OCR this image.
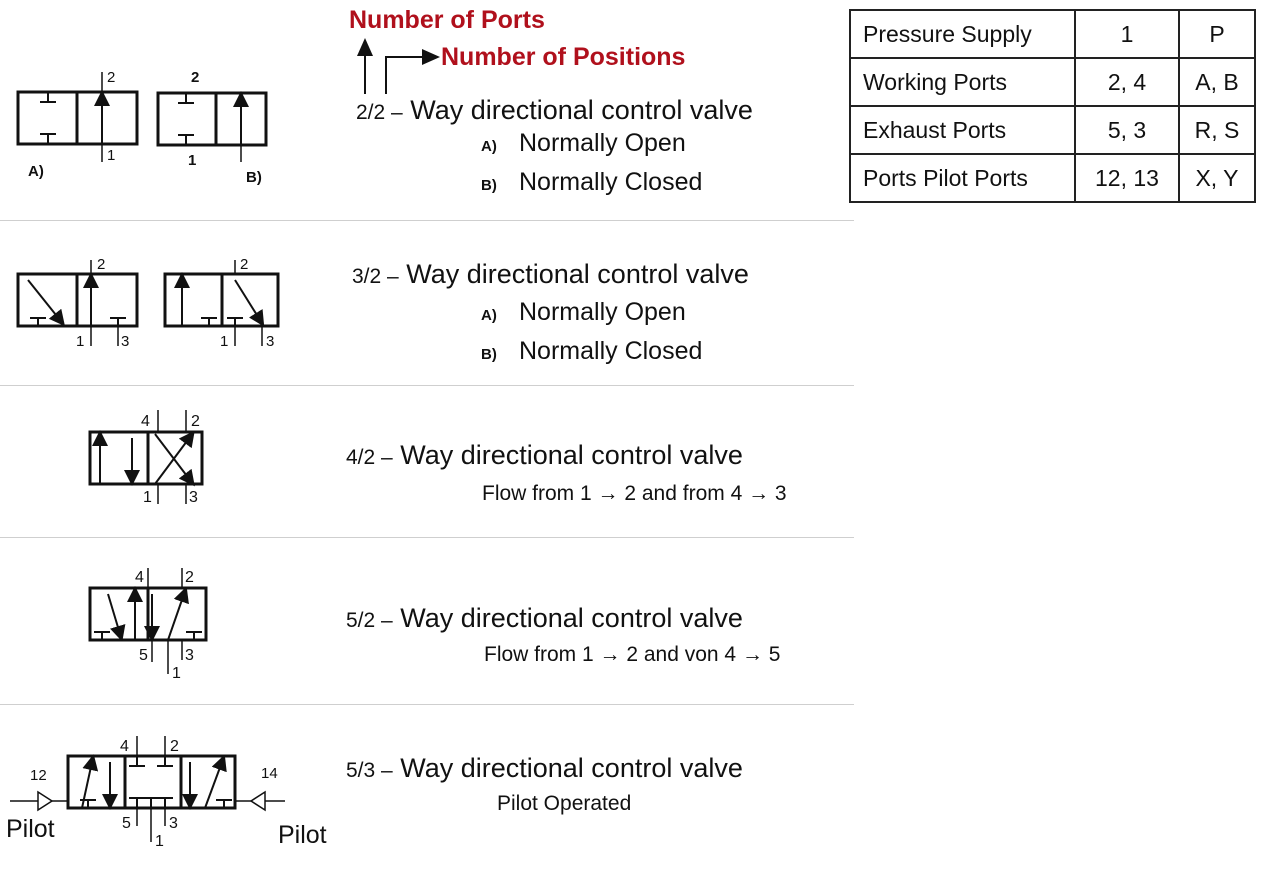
Number of Ports
Number of Positions
Pressure Supply	1	P
Working Ports	2, 4	A, B
Exhaust Ports	5, 3	R, S
Ports Pilot Ports	12, 13	X, Y
2/2 – Way directional control valve
A) Normally Open
B) Normally Closed
2
1
A)
2
1
B)
3/2 – Way directional control valve
A) Normally Open
B) Normally Closed
2
1 3
2
1	3
4/2 – Way directional control valve
Flow from 1 → 2 and from 4 → 3
4	2
1 3
5/2 – Way directional control valve
Flow from 1 → 2 and von 4 → 5
4	2
5 3
1
5/3 – Way directional control valve
Pilot Operated
4	2
5 3
1
12	14
Pilot	Pilot
